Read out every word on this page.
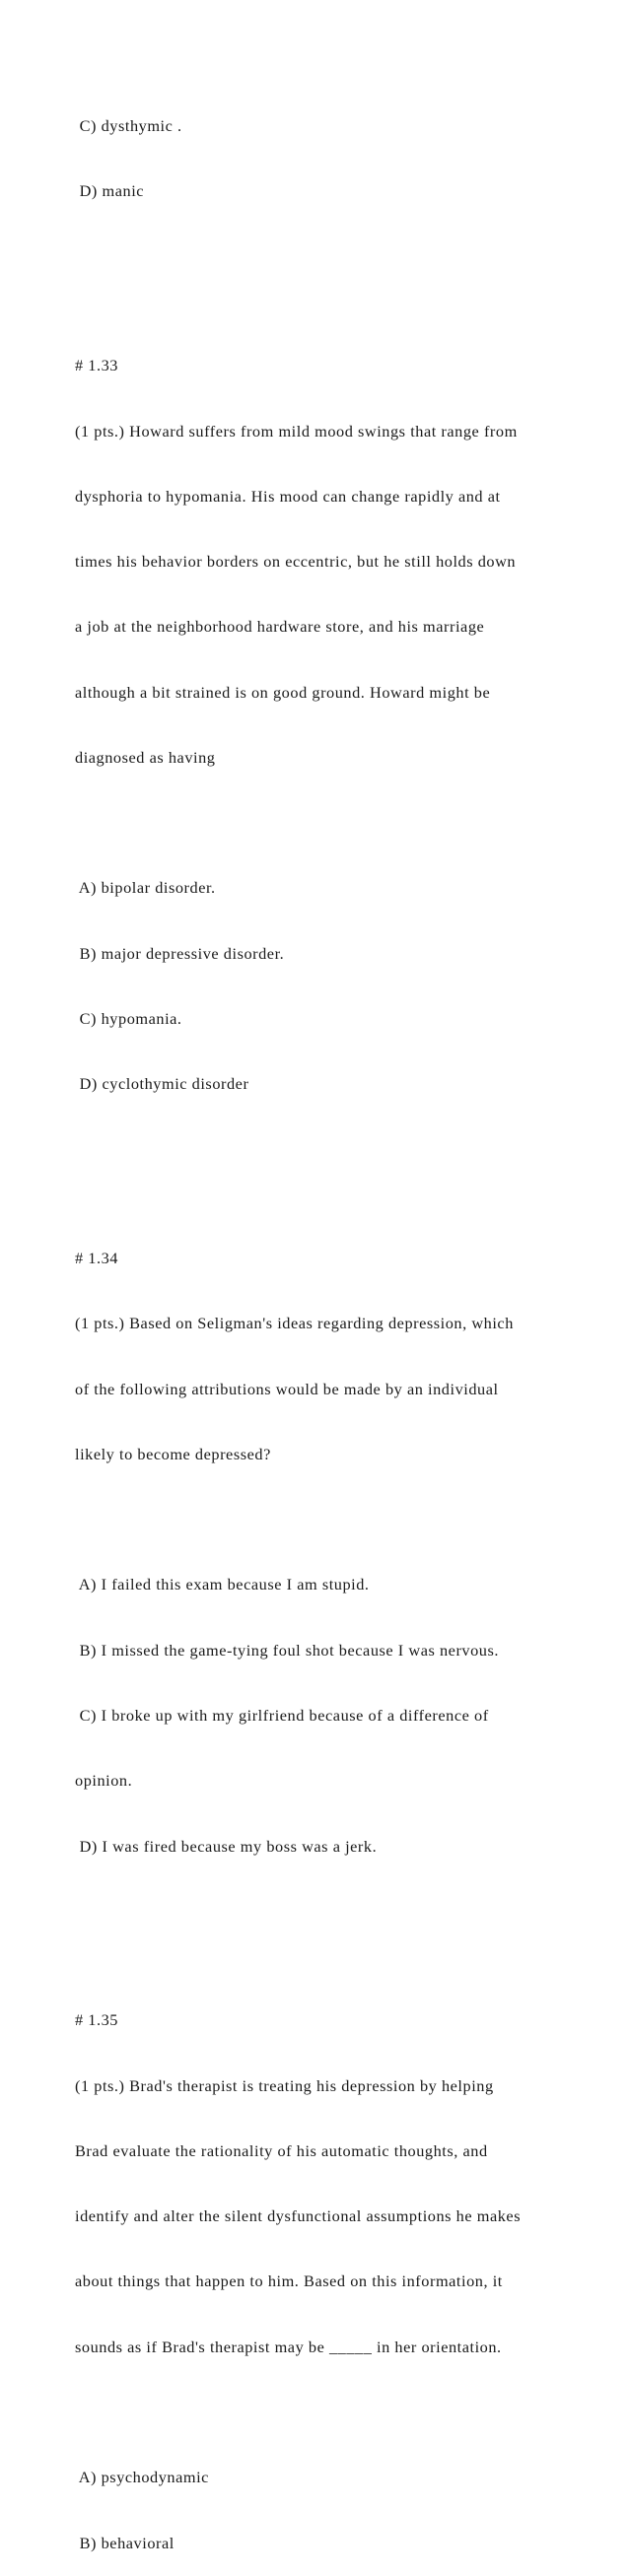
C) dysthymic .

D) manic

# 1.33

(1 pts.) Howard suffers from mild mood swings that range from

dysphoria to hypomania. His mood can change rapidly and at

times his behavior borders on eccentric, but he still holds down

a job at the neighborhood hardware store, and his marriage

although a bit strained is on good ground. Howard might be

diagnosed as having

A) bipolar disorder.

B) major depressive disorder.

C) hypomania.

D) cyclothymic disorder

# 1.34

(1 pts.) Based on Seligman's ideas regarding depression, which

of the following attributions would be made by an individual

likely to become depressed?

A) I failed this exam because I am stupid.

B) I missed the game-tying foul shot because I was nervous.

C) I broke up with my girlfriend because of a difference of

opinion.

D) I was fired because my boss was a jerk.

# 1.35

(1 pts.) Brad's therapist is treating his depression by helping

Brad evaluate the rationality of his automatic thoughts, and

identify and alter the silent dysfunctional assumptions he makes

about things that happen to him. Based on this information, it

sounds as if Brad's therapist may be _____ in her orientation.

A) psychodynamic

B) behavioral
